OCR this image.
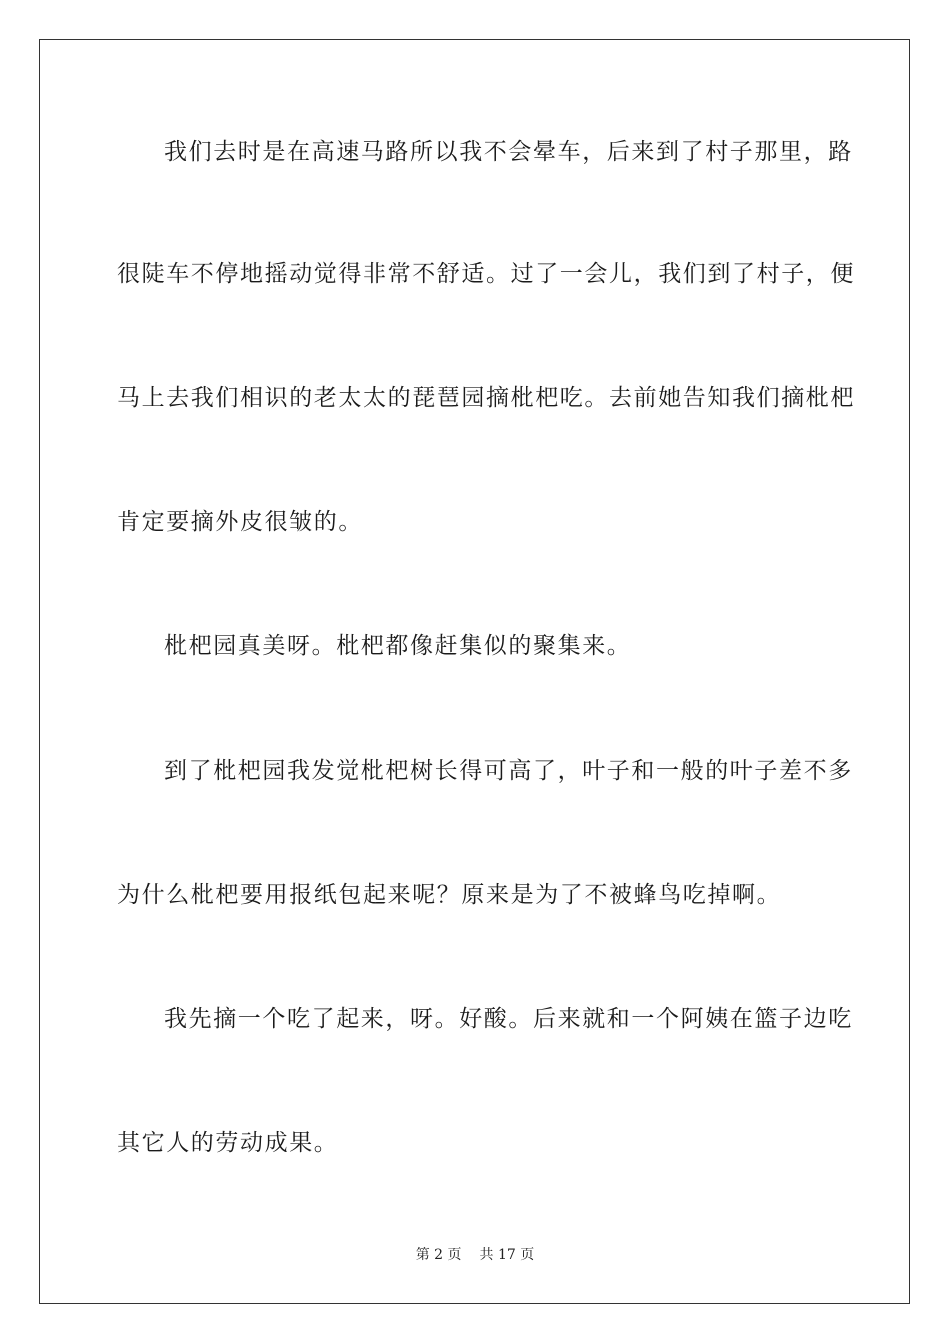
我们去时是在高速马路所以我不会晕车，后来到了村子那里，路
很陡车不停地摇动觉得非常不舒适。过了一会儿，我们到了村子，便
马上去我们相识的老太太的琵琶园摘枇杷吃。去前她告知我们摘枇杷
肯定要摘外皮很皱的。
枇杷园真美呀。枇杷都像赶集似的聚集来。
到了枇杷园我发觉枇杷树长得可高了，叶子和一般的叶子差不多
为什么枇杷要用报纸包起来呢？原来是为了不被蜂鸟吃掉啊。
我先摘一个吃了起来，呀。好酸。后来就和一个阿姨在篮子边吃
其它人的劳动成果。
第 2 页 共 17 页
